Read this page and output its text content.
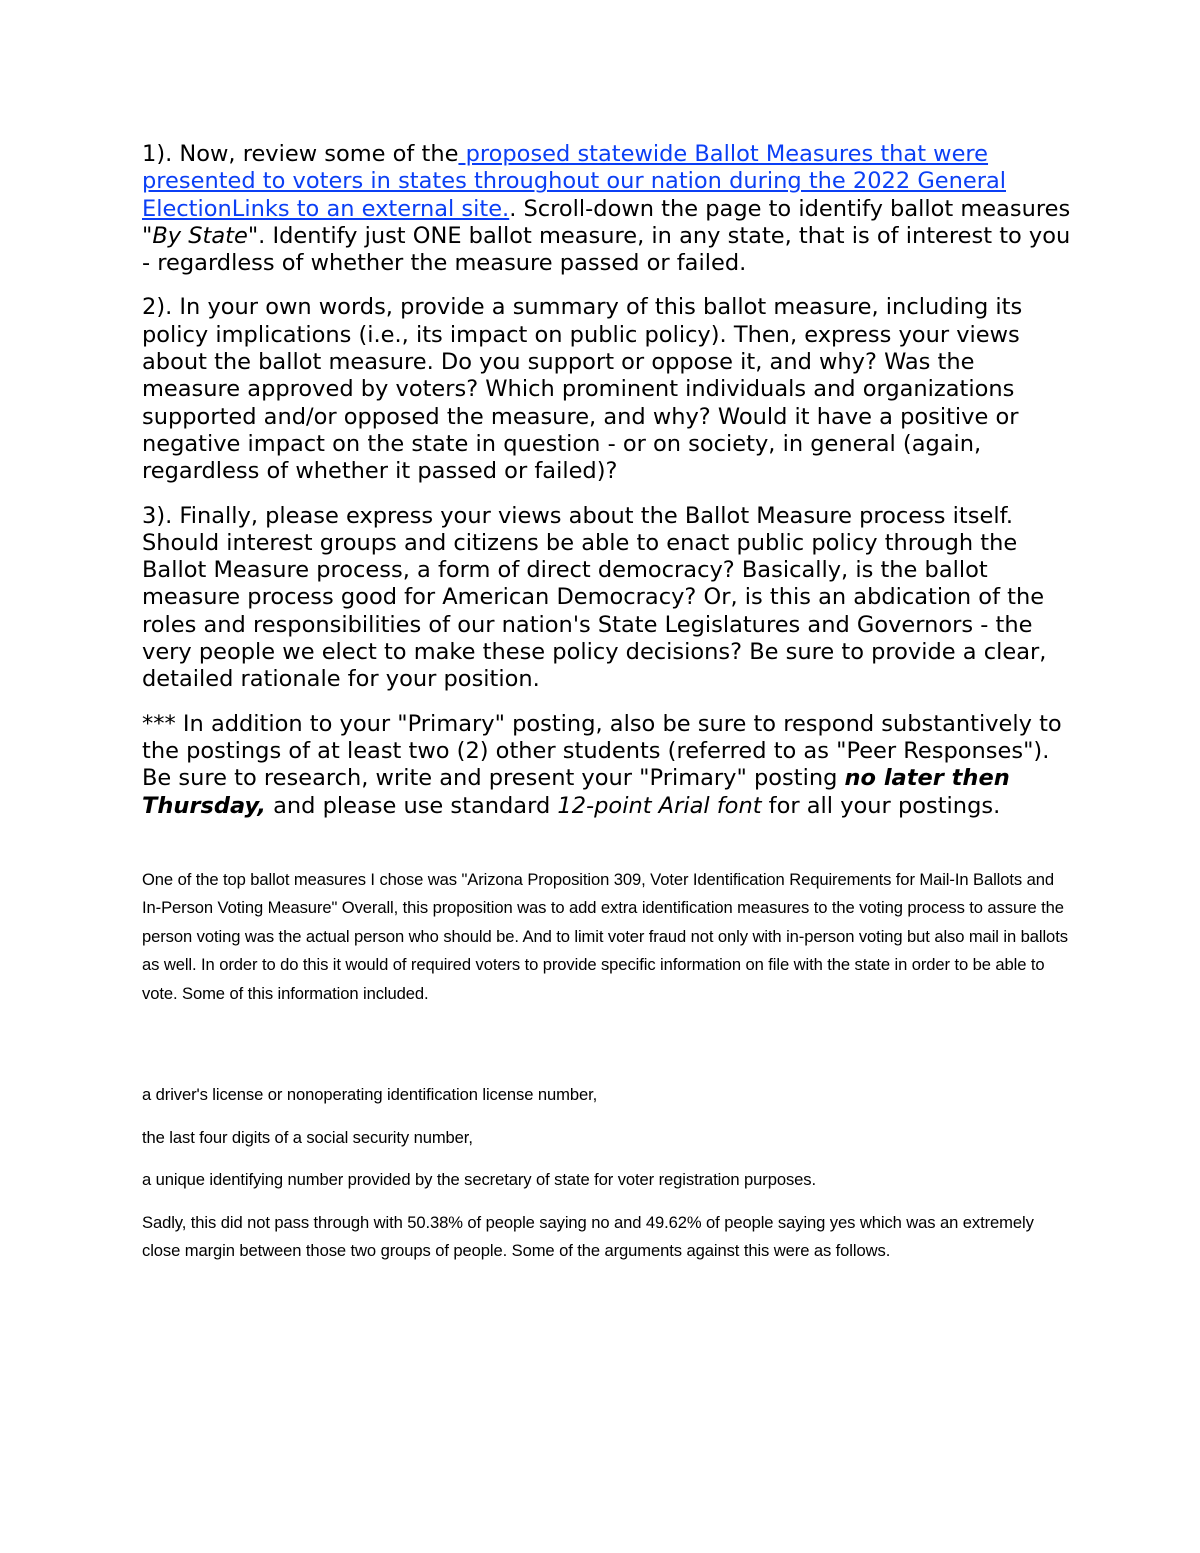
1). Now, review some of the proposed statewide Ballot Measures that were presented to voters in states throughout our nation during the 2022 General ElectionLinks to an external site.. Scroll-down the page to identify ballot measures "By State". Identify just ONE ballot measure, in any state, that is of interest to you - regardless of whether the measure passed or failed.

2). In your own words, provide a summary of this ballot measure, including its policy implications (i.e., its impact on public policy). Then, express your views about the ballot measure. Do you support or oppose it, and why? Was the measure approved by voters? Which prominent individuals and organizations supported and/or opposed the measure, and why? Would it have a positive or negative impact on the state in question - or on society, in general (again, regardless of whether it passed or failed)?

3). Finally, please express your views about the Ballot Measure process itself. Should interest groups and citizens be able to enact public policy through the Ballot Measure process, a form of direct democracy? Basically, is the ballot measure process good for American Democracy? Or, is this an abdication of the roles and responsibilities of our nation's State Legislatures and Governors - the very people we elect to make these policy decisions? Be sure to provide a clear, detailed rationale for your position.

*** In addition to your "Primary" posting, also be sure to respond substantively to the postings of at least two (2) other students (referred to as "Peer Responses"). Be sure to research, write and present your "Primary" posting no later then Thursday, and please use standard 12-point Arial font for all your postings.

One of the top ballot measures I chose was "Arizona Proposition 309, Voter Identification Requirements for Mail-In Ballots and In-Person Voting Measure" Overall, this proposition was to add extra identification measures to the voting process to assure the person voting was the actual person who should be. And to limit voter fraud not only with in-person voting but also mail in ballots as well. In order to do this it would of required voters to provide specific information on file with the state in order to be able to vote. Some of this information included.

a driver's license or nonoperating identification license number,

the last four digits of a social security number,

a unique identifying number provided by the secretary of state for voter registration purposes.

Sadly, this did not pass through with 50.38% of people saying no and 49.62% of people saying yes which was an extremely close margin between those two groups of people. Some of the arguments against this were as follows.
